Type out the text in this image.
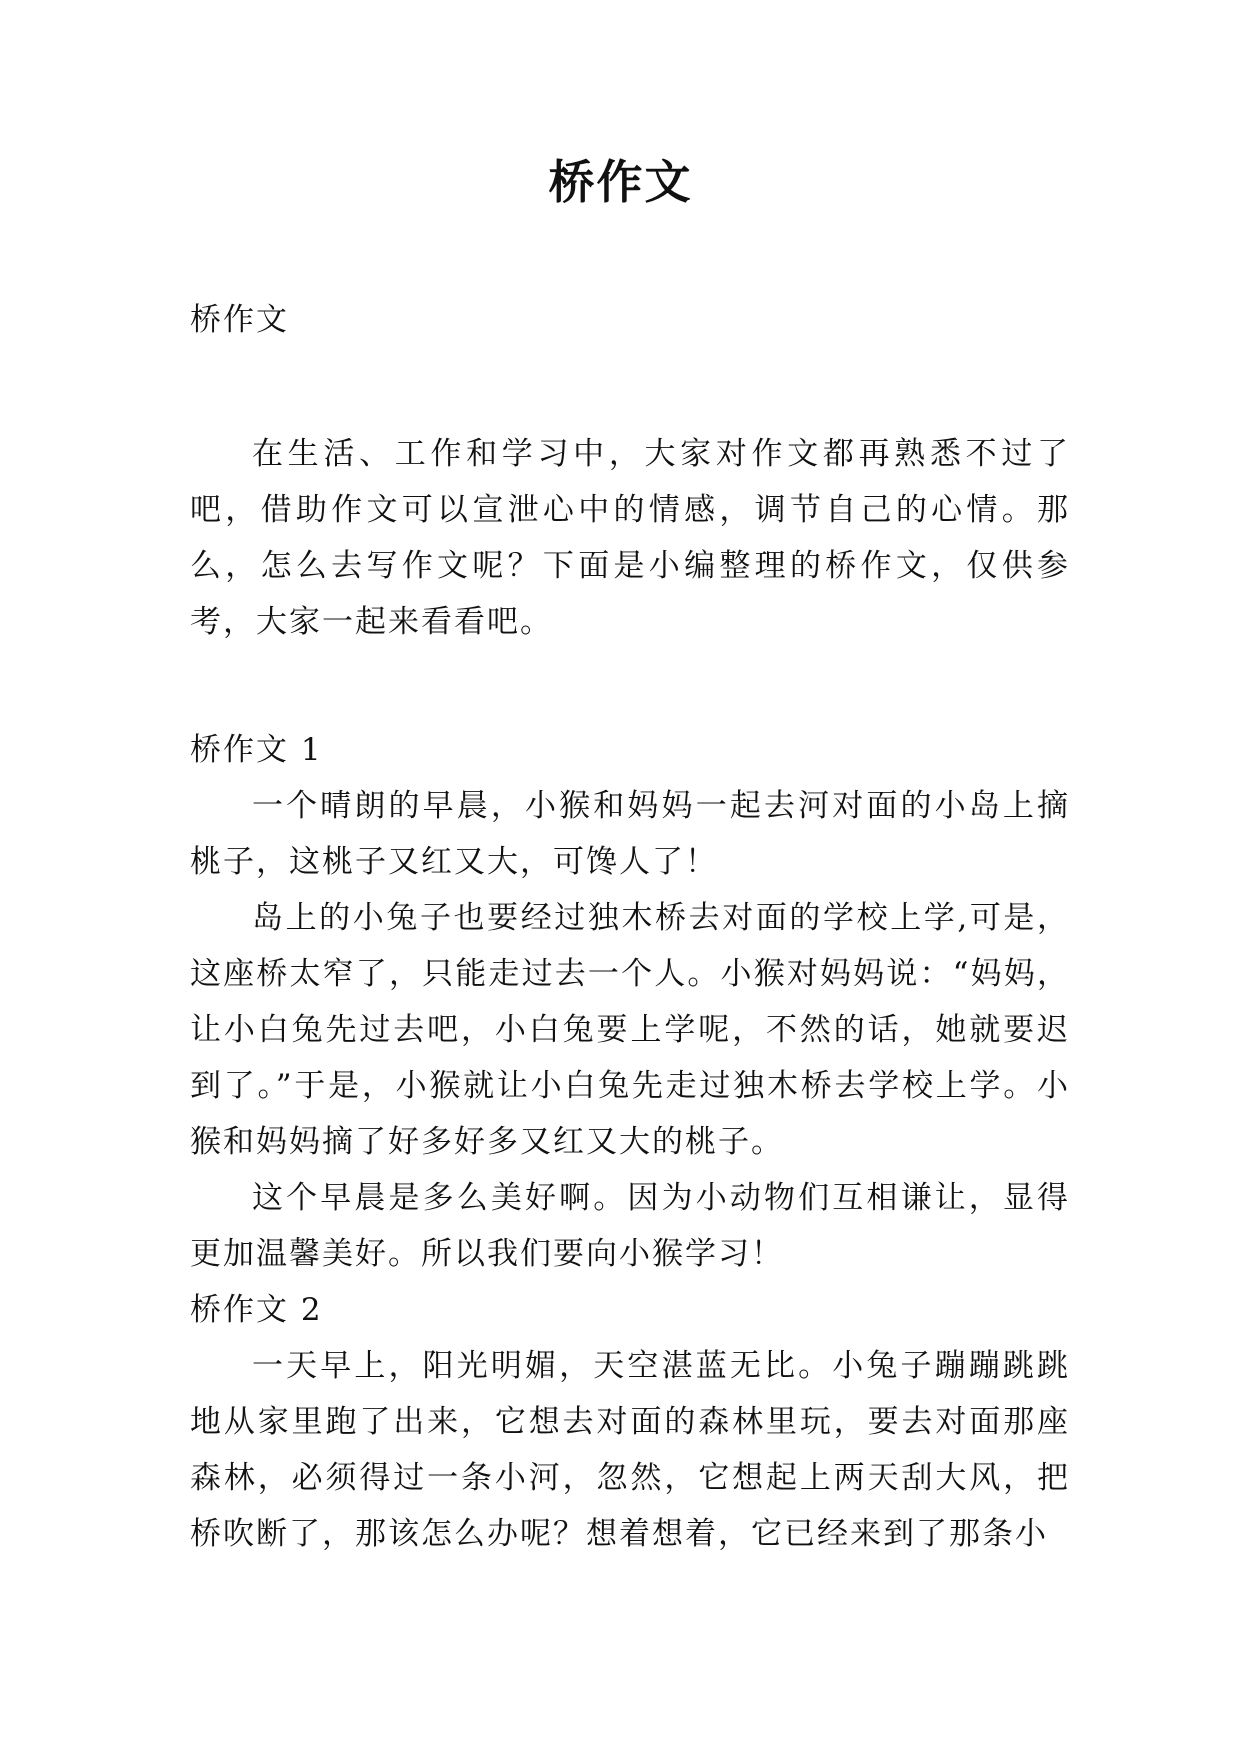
桥作文

桥作文

在生活、工作和学习中，大家对作文都再熟悉不过了吧，借助作文可以宣泄心中的情感，调节自己的心情。那么，怎么去写作文呢？下面是小编整理的桥作文，仅供参考，大家一起来看看吧。

桥作文 1

一个晴朗的早晨，小猴和妈妈一起去河对面的小岛上摘桃子，这桃子又红又大，可馋人了！

岛上的小兔子也要经过独木桥去对面的学校上学,可是，这座桥太窄了，只能走过去一个人。小猴对妈妈说：“妈妈，让小白兔先过去吧，小白兔要上学呢，不然的话，她就要迟到了。”于是，小猴就让小白兔先走过独木桥去学校上学。小猴和妈妈摘了好多好多又红又大的桃子。

这个早晨是多么美好啊。因为小动物们互相谦让，显得更加温馨美好。所以我们要向小猴学习！

桥作文 2

一天早上，阳光明媚，天空湛蓝无比。小兔子蹦蹦跳跳地从家里跑了出来，它想去对面的森林里玩，要去对面那座森林，必须得过一条小河，忽然，它想起上两天刮大风，把桥吹断了，那该怎么办呢？想着想着，它已经来到了那条小
